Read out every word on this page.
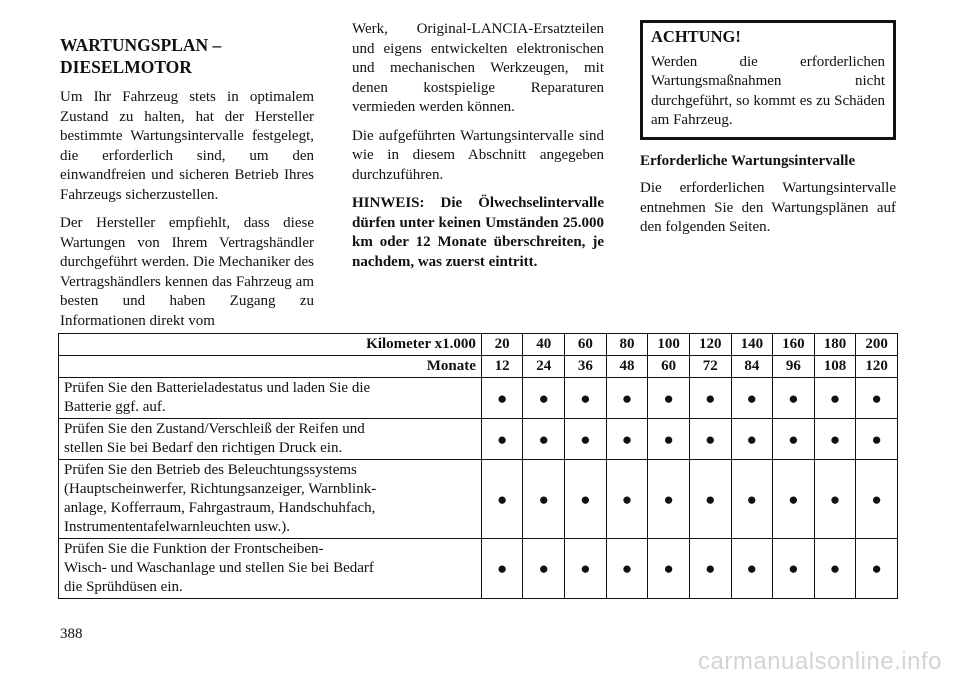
WARTUNGSPLAN –
DIESELMOTOR

Um Ihr Fahrzeug stets in optimalem Zustand zu halten, hat der Hersteller bestimmte Wartungsintervalle festgelegt, die erforderlich sind, um den einwandfreien und sicheren Betrieb Ihres Fahrzeugs sicherzustellen.

Der Hersteller empfiehlt, dass diese Wartungen von Ihrem Vertragshändler durchgeführt werden. Die Mechaniker des Vertragshändlers kennen das Fahrzeug am besten und haben Zugang zu Informationen direkt vom

Werk, Original-LANCIA-Ersatzteilen und eigens entwickelten elektronischen und mechanischen Werkzeugen, mit denen kostspielige Reparaturen vermieden werden können.

Die aufgeführten Wartungsintervalle sind wie in diesem Abschnitt angegeben durchzuführen.

HINWEIS: Die Ölwechselintervalle dürfen unter keinen Umständen 25.000 km oder 12 Monate überschreiten, je nachdem, was zuerst eintritt.

ACHTUNG!
Werden die erforderlichen Wartungsmaßnahmen nicht durchgeführt, so kommt es zu Schäden am Fahrzeug.
Erforderliche Wartungsintervalle

Die erforderlichen Wartungsintervalle entnehmen Sie den Wartungsplänen auf den folgenden Seiten.

Kilometer x1.000	20	40	60	80	100	120	140	160	180	200
Monate	12	24	36	48	60	72	84	96	108	120
Prüfen Sie den Batterieladestatus und laden Sie die
Batterie ggf. auf.	●	●	●	●	●	●	●	●	●	●
Prüfen Sie den Zustand/Verschleiß der Reifen und
stellen Sie bei Bedarf den richtigen Druck ein.	●	●	●	●	●	●	●	●	●	●
Prüfen Sie den Betrieb des Beleuchtungssystems
(Hauptscheinwerfer, Richtungsanzeiger, Warnblink-
anlage, Kofferraum, Fahrgastraum, Handschuhfach,
Instrumententafelwarnleuchten usw.).	●	●	●	●	●	●	●	●	●	●
Prüfen Sie die Funktion der Frontscheiben-
Wisch- und Waschanlage und stellen Sie bei Bedarf
die Sprühdüsen ein.	●	●	●	●	●	●	●	●	●	●
388
carmanualsonline.info
